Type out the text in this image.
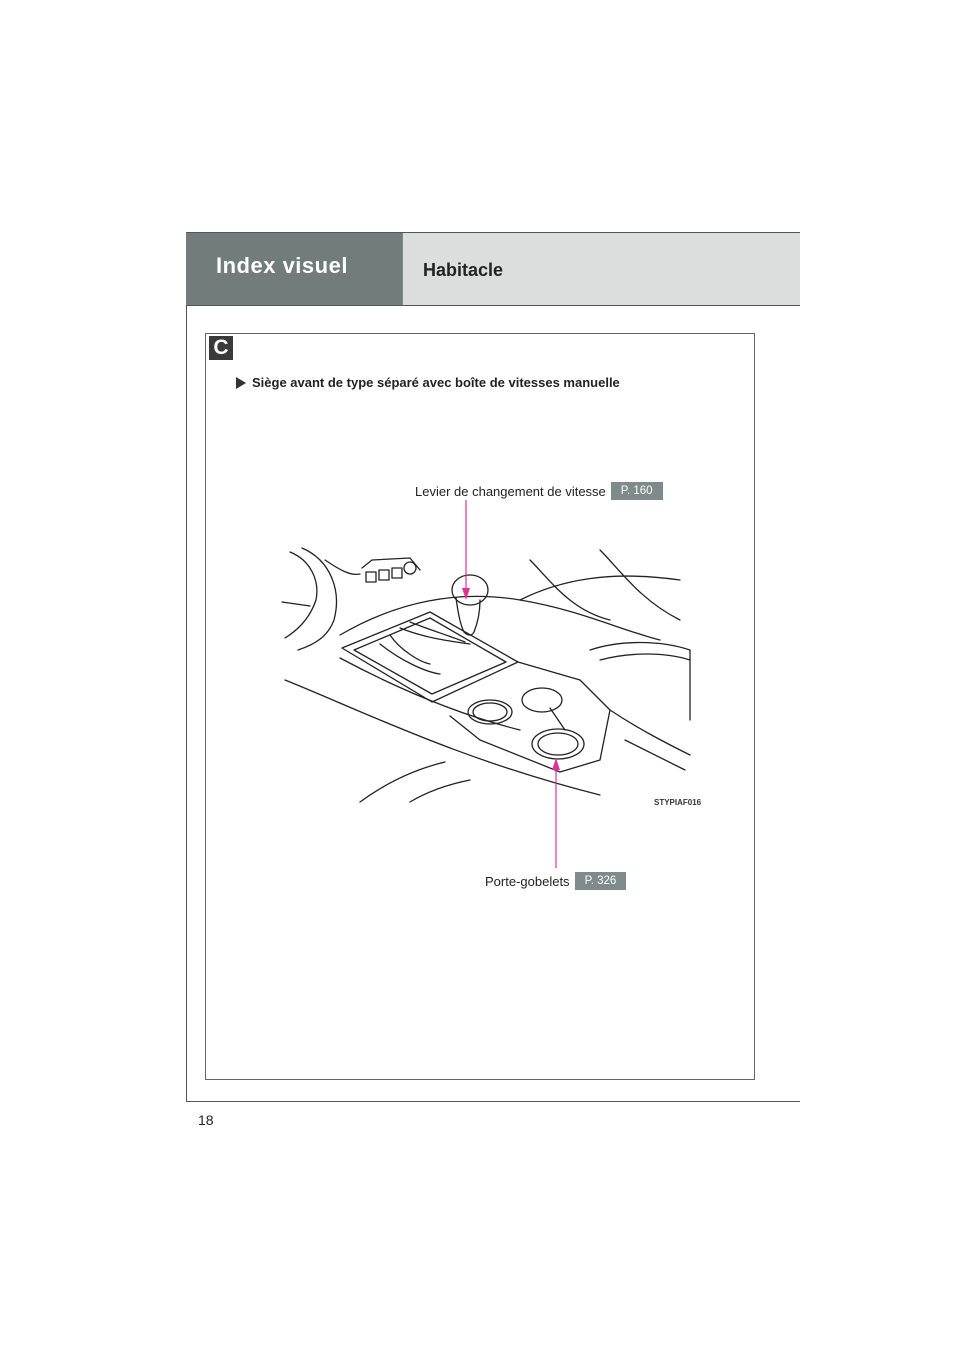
Index visuel	Habitacle
C
Siège avant de type séparé avec boîte de vitesses manuelle
Levier de changement de vitesse	P. 160
Porte-gobelets	P. 326
STYPIAF016
18
